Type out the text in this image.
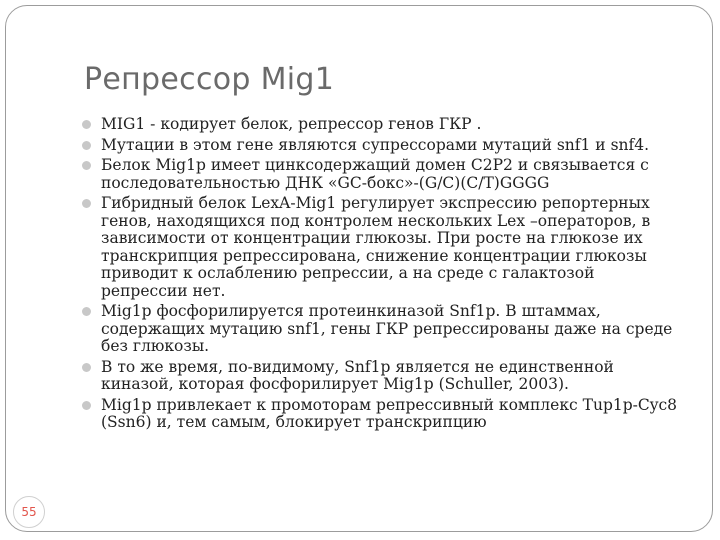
Репрессор Mig1
MIG1 - кодирует белок, репрессор генов ГКР .
Мутации в этом гене являются супрессорами мутаций snf1 и snf4.
Белок Mig1p имеет цинксодержащий домен C2P2 и связывается с последовательностью ДНК «GC-бокс»-(G/C)(C/T)GGGG
Гибридный белок LexA-Mig1 регулирует экспрессию репортерных генов, находящихся под контролем нескольких Lex –операторов, в зависимости от концентрации глюкозы. При росте на глюкозе их транскрипция репрессирована, снижение концентрации глюкозы приводит к ослаблению репрессии, а на среде с галактозой репрессии нет.
Mig1p фосфорилируется протеинкиназой Snf1p. В штаммах, содержащих мутацию snf1, гены ГКР репрессированы даже на среде без глюкозы.
В то же время, по-видимому, Snf1p является не единственной киназой, которая фосфорилирует Mig1p (Schuller, 2003).
Mig1p привлекает к промоторам репрессивный комплекс Tup1p-Cyc8 (Ssn6) и, тем самым, блокирует транскрипцию
55
